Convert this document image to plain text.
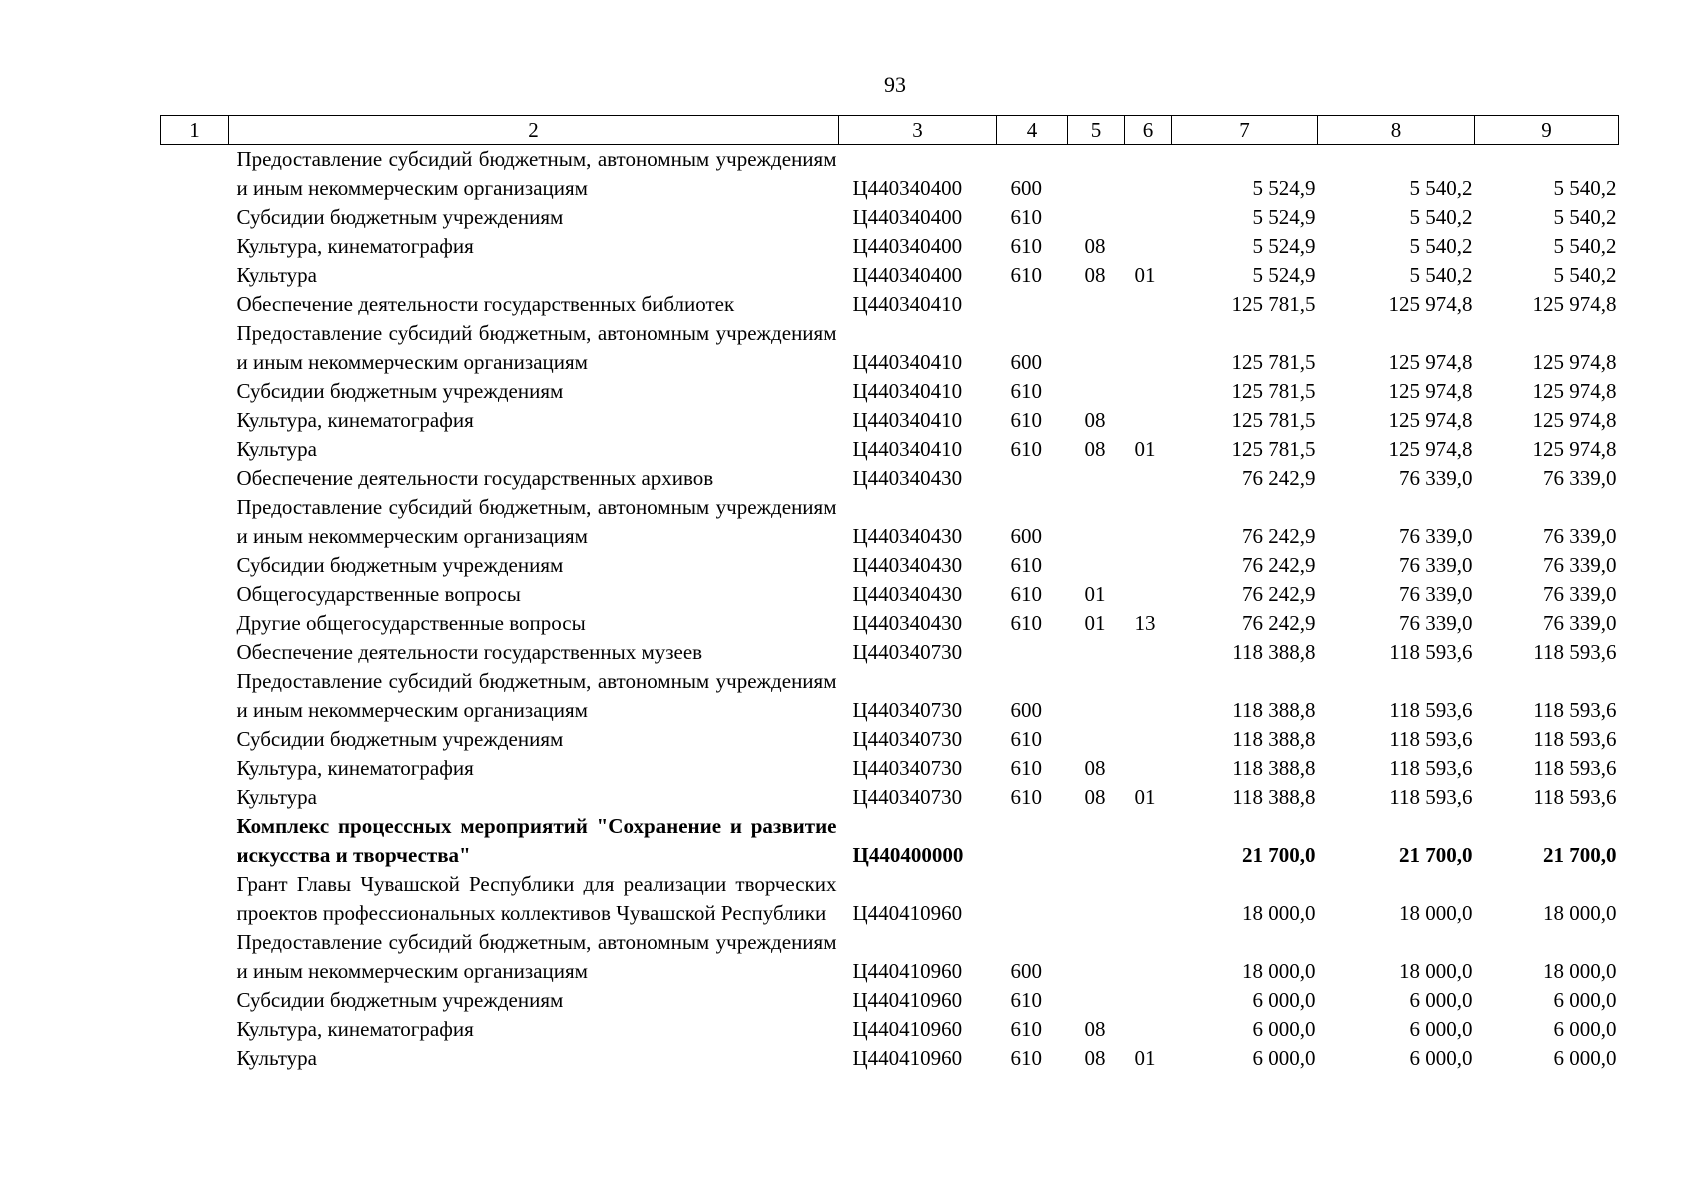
93
1	2	3	4	5	6	7	8	9
	Предоставление субсидий бюджетным, автономным учреждениям и иным некоммерческим организациям	Ц440340400	600			5 524,9	5 540,2	5 540,2
	Субсидии бюджетным учреждениям	Ц440340400	610			5 524,9	5 540,2	5 540,2
	Культура, кинематография	Ц440340400	610	08		5 524,9	5 540,2	5 540,2
	Культура	Ц440340400	610	08	01	5 524,9	5 540,2	5 540,2
	Обеспечение деятельности государственных библиотек	Ц440340410				125 781,5	125 974,8	125 974,8
	Предоставление субсидий бюджетным, автономным учреждениям и иным некоммерческим организациям	Ц440340410	600			125 781,5	125 974,8	125 974,8
	Субсидии бюджетным учреждениям	Ц440340410	610			125 781,5	125 974,8	125 974,8
	Культура, кинематография	Ц440340410	610	08		125 781,5	125 974,8	125 974,8
	Культура	Ц440340410	610	08	01	125 781,5	125 974,8	125 974,8
	Обеспечение деятельности государственных архивов	Ц440340430				76 242,9	76 339,0	76 339,0
	Предоставление субсидий бюджетным, автономным учреждениям и иным некоммерческим организациям	Ц440340430	600			76 242,9	76 339,0	76 339,0
	Субсидии бюджетным учреждениям	Ц440340430	610			76 242,9	76 339,0	76 339,0
	Общегосударственные вопросы	Ц440340430	610	01		76 242,9	76 339,0	76 339,0
	Другие общегосударственные вопросы	Ц440340430	610	01	13	76 242,9	76 339,0	76 339,0
	Обеспечение деятельности государственных музеев	Ц440340730				118 388,8	118 593,6	118 593,6
	Предоставление субсидий бюджетным, автономным учреждениям и иным некоммерческим организациям	Ц440340730	600			118 388,8	118 593,6	118 593,6
	Субсидии бюджетным учреждениям	Ц440340730	610			118 388,8	118 593,6	118 593,6
	Культура, кинематография	Ц440340730	610	08		118 388,8	118 593,6	118 593,6
	Культура	Ц440340730	610	08	01	118 388,8	118 593,6	118 593,6
	Комплекс процессных мероприятий "Сохранение и развитие искусства и творчества"	Ц440400000				21 700,0	21 700,0	21 700,0
	Грант Главы Чувашской Республики для реализации творческих проектов профессиональных коллективов Чувашской Республики	Ц440410960				18 000,0	18 000,0	18 000,0
	Предоставление субсидий бюджетным, автономным учреждениям и иным некоммерческим организациям	Ц440410960	600			18 000,0	18 000,0	18 000,0
	Субсидии бюджетным учреждениям	Ц440410960	610			6 000,0	6 000,0	6 000,0
	Культура, кинематография	Ц440410960	610	08		6 000,0	6 000,0	6 000,0
	Культура	Ц440410960	610	08	01	6 000,0	6 000,0	6 000,0
